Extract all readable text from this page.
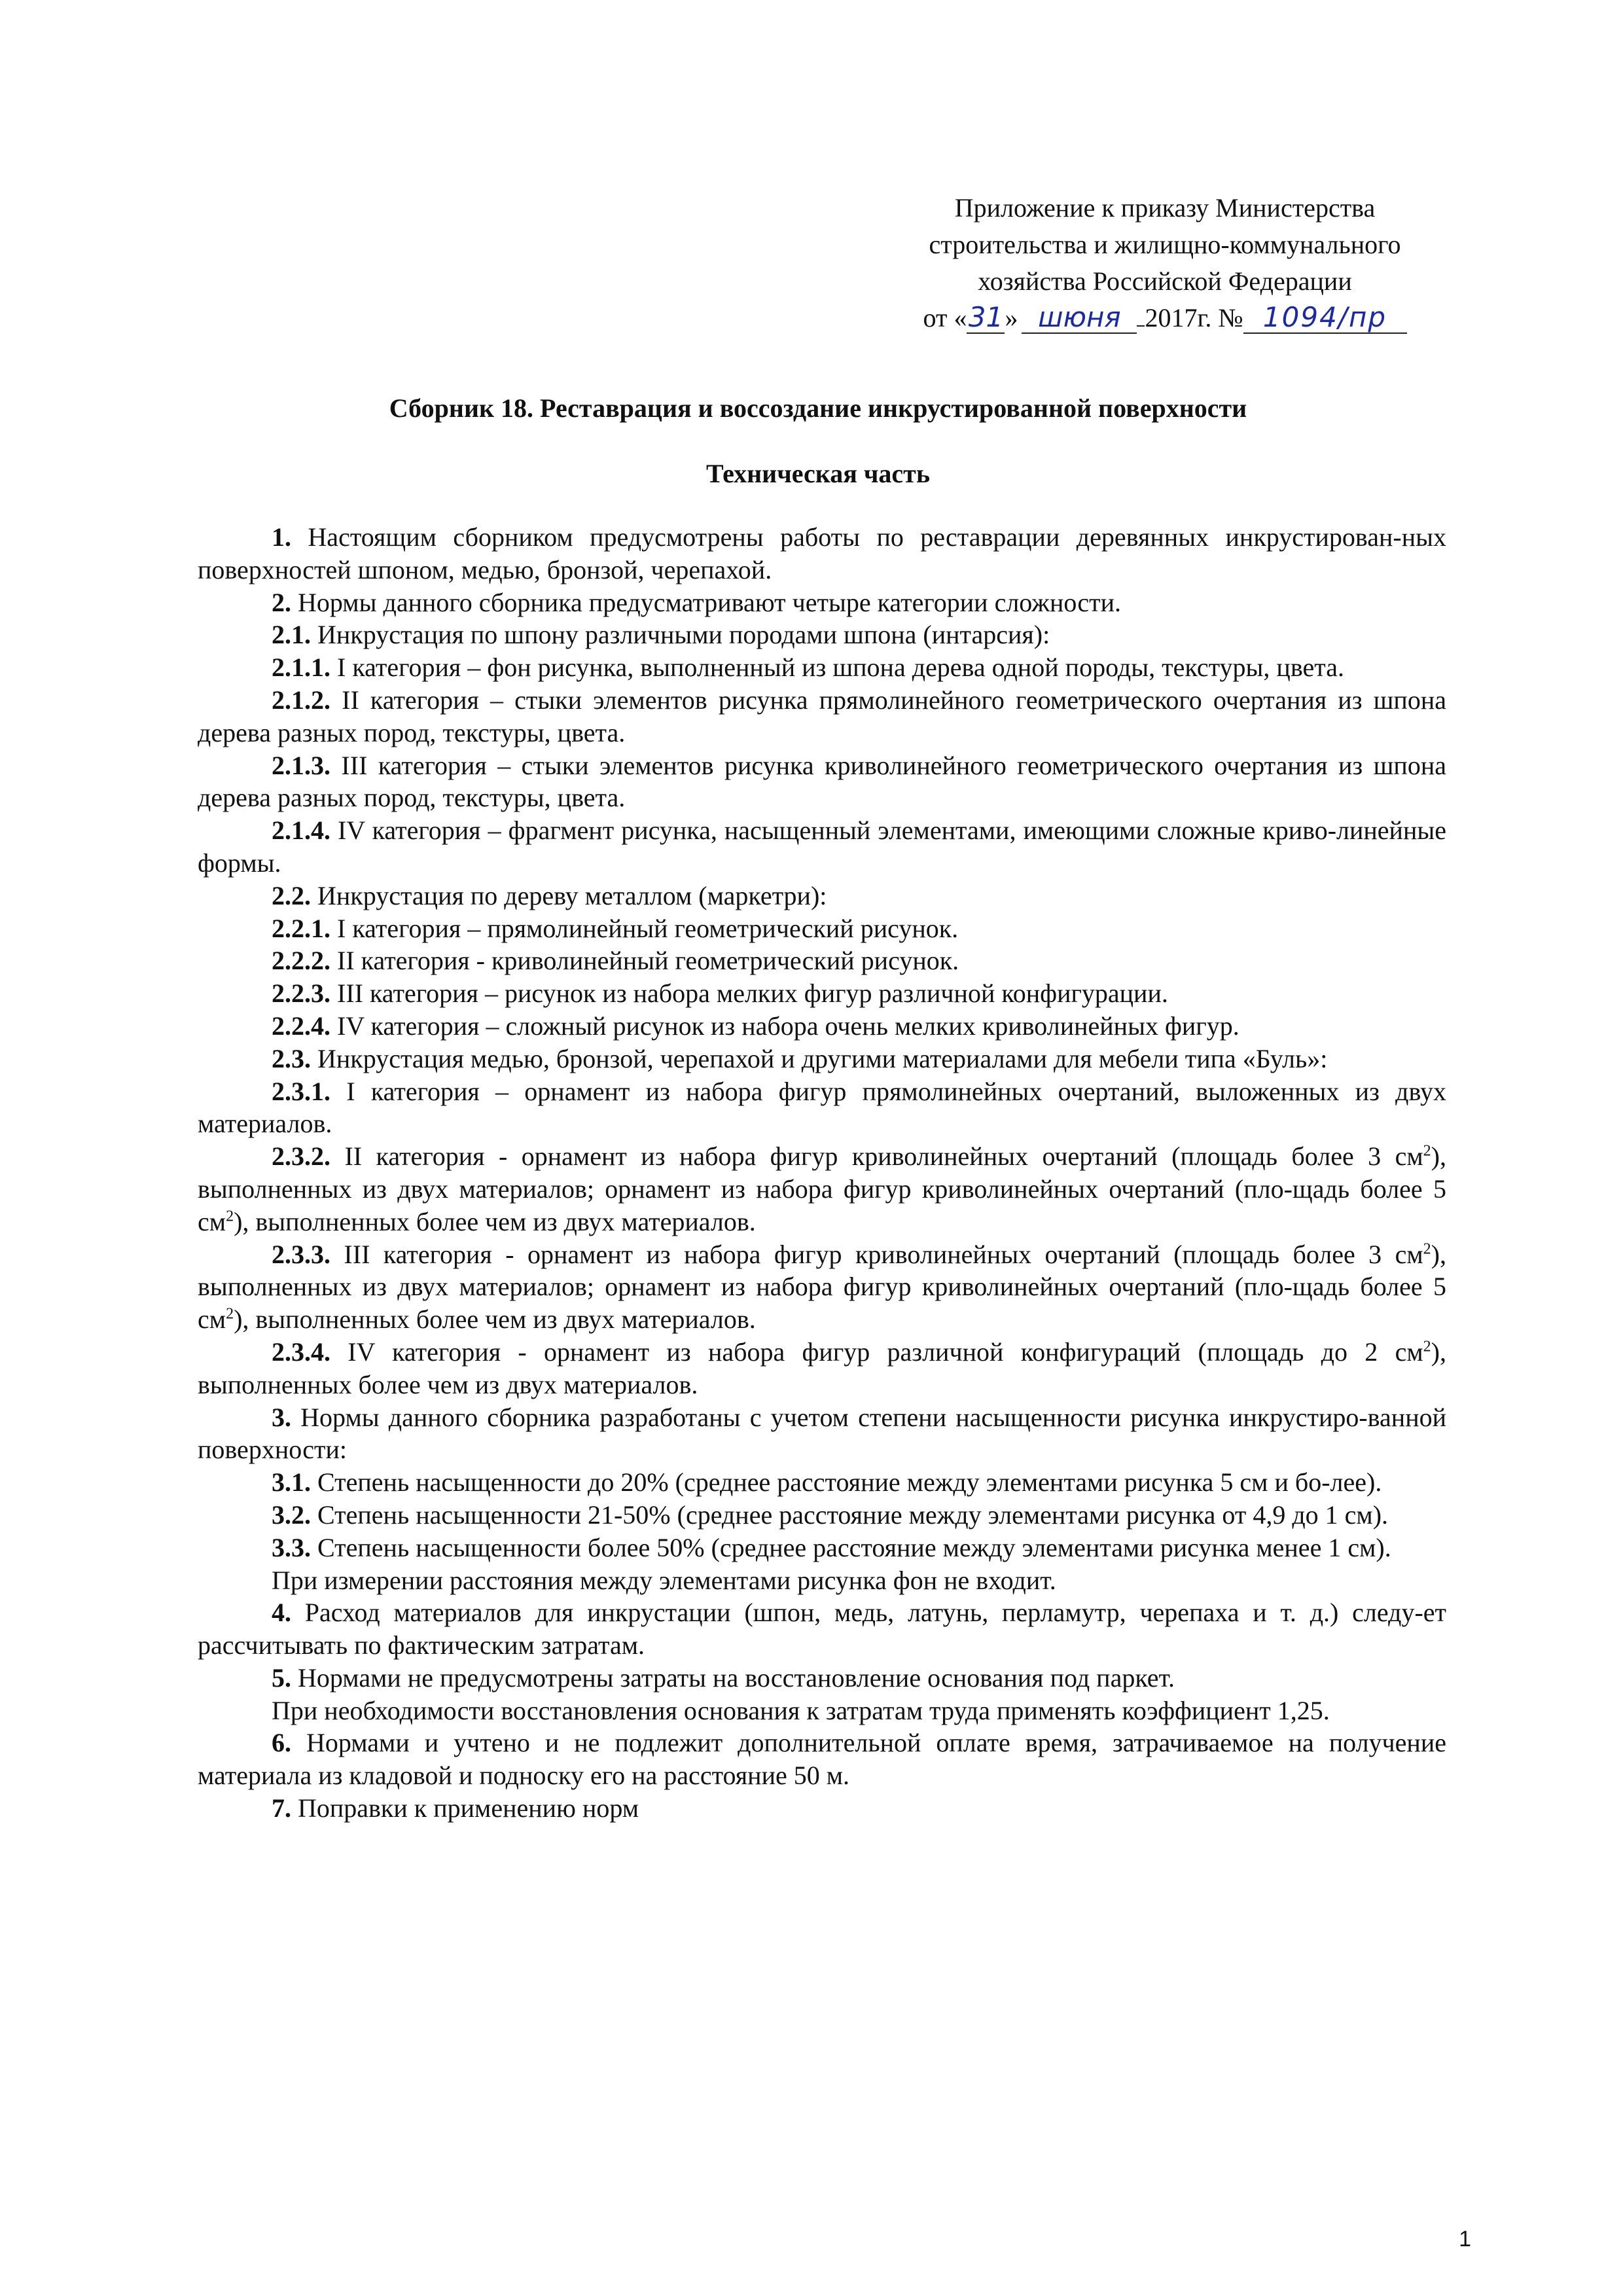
Приложение к приказу Министерства
строительства и жилищно-коммунального
хозяйства Российской Федерации
от «31» шюня 2017г. № 1094/пр
Сборник 18. Реставрация и воссоздание инкрустированной поверхности
Техническая часть

1. Настоящим сборником предусмотрены работы по реставрации деревянных инкрустирован-ных поверхностей шпоном, медью, бронзой, черепахой.

2. Нормы данного сборника предусматривают четыре категории сложности.

2.1. Инкрустация по шпону различными породами шпона (интарсия):

2.1.1. I категория – фон рисунка, выполненный из шпона дерева одной породы, текстуры, цвета.

2.1.2. II категория – стыки элементов рисунка прямолинейного геометрического очертания из шпона дерева разных пород, текстуры, цвета.

2.1.3. III категория – стыки элементов рисунка криволинейного геометрического очертания из шпона дерева разных пород, текстуры, цвета.

2.1.4. IV категория – фрагмент рисунка, насыщенный элементами, имеющими сложные криво-линейные формы.

2.2. Инкрустация по дереву металлом (маркетри):

2.2.1. I категория – прямолинейный геометрический рисунок.

2.2.2. II категория - криволинейный геометрический рисунок.

2.2.3. III категория – рисунок из набора мелких фигур различной конфигурации.

2.2.4. IV категория – сложный рисунок из набора очень мелких криволинейных фигур.

2.3. Инкрустация медью, бронзой, черепахой и другими материалами для мебели типа «Буль»:

2.3.1. I категория – орнамент из набора фигур прямолинейных очертаний, выложенных из двух материалов.

2.3.2. II категория - орнамент из набора фигур криволинейных очертаний (площадь более 3 $см^2$), выполненных из двух материалов; орнамент из набора фигур криволинейных очертаний (пло-щадь более 5 $см^2$), выполненных более чем из двух материалов.

2.3.3. III категория - орнамент из набора фигур криволинейных очертаний (площадь более 3 $см^2$), выполненных из двух материалов; орнамент из набора фигур криволинейных очертаний (пло-щадь более 5 $см^2$), выполненных более чем из двух материалов.

2.3.4. IV категория - орнамент из набора фигур различной конфигураций (площадь до 2 $см^2$), выполненных более чем из двух материалов.

3. Нормы данного сборника разработаны с учетом степени насыщенности рисунка инкрустиро-ванной поверхности:

3.1. Степень насыщенности до 20% (среднее расстояние между элементами рисунка 5 см и бо-лее).

3.2. Степень насыщенности 21-50% (среднее расстояние между элементами рисунка от 4,9 до 1 см).

3.3. Степень насыщенности более 50% (среднее расстояние между элементами рисунка менее 1 см).

При измерении расстояния между элементами рисунка фон не входит.

4. Расход материалов для инкрустации (шпон, медь, латунь, перламутр, черепаха и т. д.) следу-ет рассчитывать по фактическим затратам.

5. Нормами не предусмотрены затраты на восстановление основания под паркет.

При необходимости восстановления основания к затратам труда применять коэффициент 1,25.

6. Нормами и учтено и не подлежит дополнительной оплате время, затрачиваемое на получение материала из кладовой и подноску его на расстояние 50 м.

7. Поправки к применению норм

1
